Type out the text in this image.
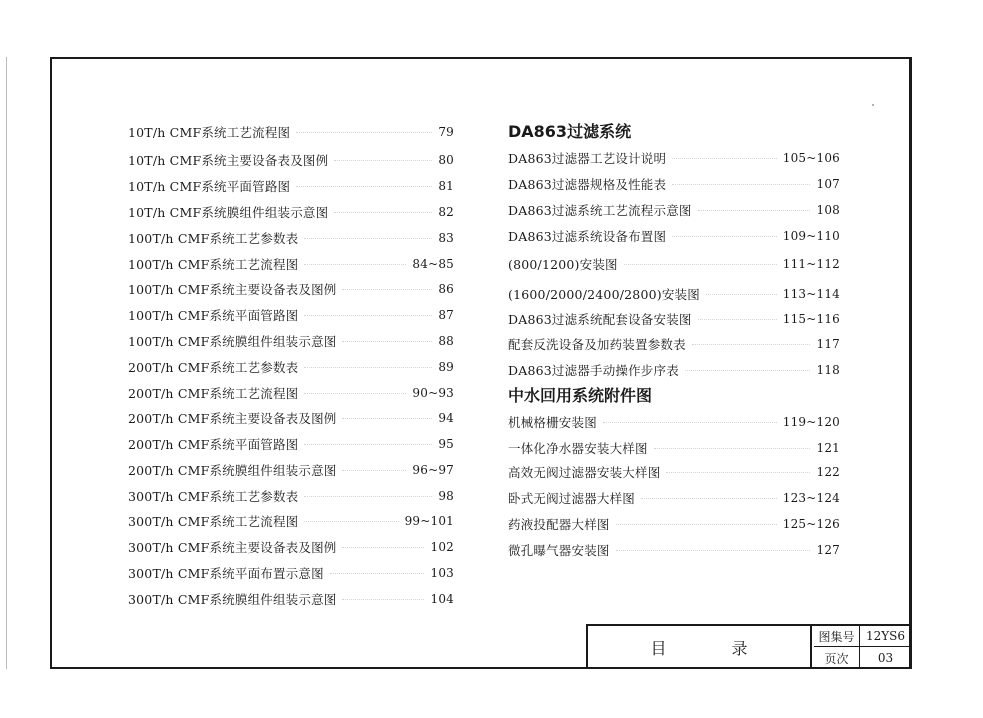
10T/h CMF系统工艺流程图	79
10T/h CMF系统主要设备表及图例	80
10T/h CMF系统平面管路图	81
10T/h CMF系统膜组件组装示意图	82
100T/h CMF系统工艺参数表	83
100T/h CMF系统工艺流程图	84~85
100T/h CMF系统主要设备表及图例	86
100T/h CMF系统平面管路图	87
100T/h CMF系统膜组件组装示意图	88
200T/h CMF系统工艺参数表	89
200T/h CMF系统工艺流程图	90~93
200T/h CMF系统主要设备表及图例	94
200T/h CMF系统平面管路图	95
200T/h CMF系统膜组件组装示意图	96~97
300T/h CMF系统工艺参数表	98
300T/h CMF系统工艺流程图	99~101
300T/h CMF系统主要设备表及图例	102
300T/h CMF系统平面布置示意图	103
300T/h CMF系统膜组件组装示意图	104
DA863过滤系统
DA863过滤器工艺设计说明	105~106
DA863过滤器规格及性能表	107
DA863过滤系统工艺流程示意图	108
DA863过滤系统设备布置图	109~110
(800/1200)安装图	111~112
(1600/2000/2400/2800)安装图	113~114
DA863过滤系统配套设备安装图	115~116
配套反洗设备及加药装置参数表	117
DA863过滤器手动操作步序表	118
中水回用系统附件图
机械格栅安装图	119~120
一体化净水器安装大样图	121
高效无阀过滤器安装大样图	122
卧式无阀过滤器大样图	123~124
药液投配器大样图	125~126
微孔曝气器安装图	127
目 录
图集号 12YS6
页次	03
